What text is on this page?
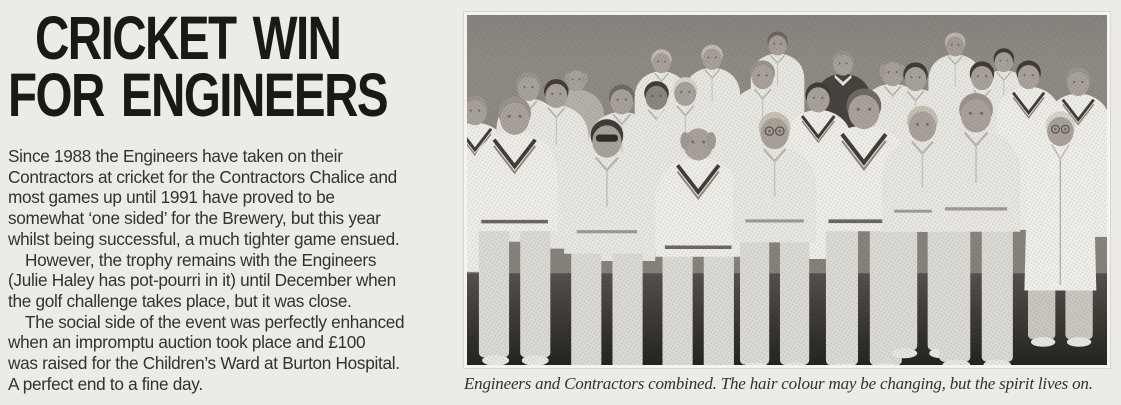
CRICKET WIN
FOR ENGINEERS
Since 1988 the Engineers have taken on their
Contractors at cricket for the Contractors Chalice and
most games up until 1991 have proved to be
somewhat ‘one sided’ for the Brewery, but this year
whilst being successful, a much tighter game ensued.
However, the trophy remains with the Engineers
(Julie Haley has pot-pourri in it) until December when
the golf challenge takes place, but it was close.
The social side of the event was perfectly enhanced
when an impromptu auction took place and £100
was raised for the Children’s Ward at Burton Hospital.
A perfect end to a fine day.	Engineers and Contractors combined. The hair colour may be changing, but the spirit lives on.
